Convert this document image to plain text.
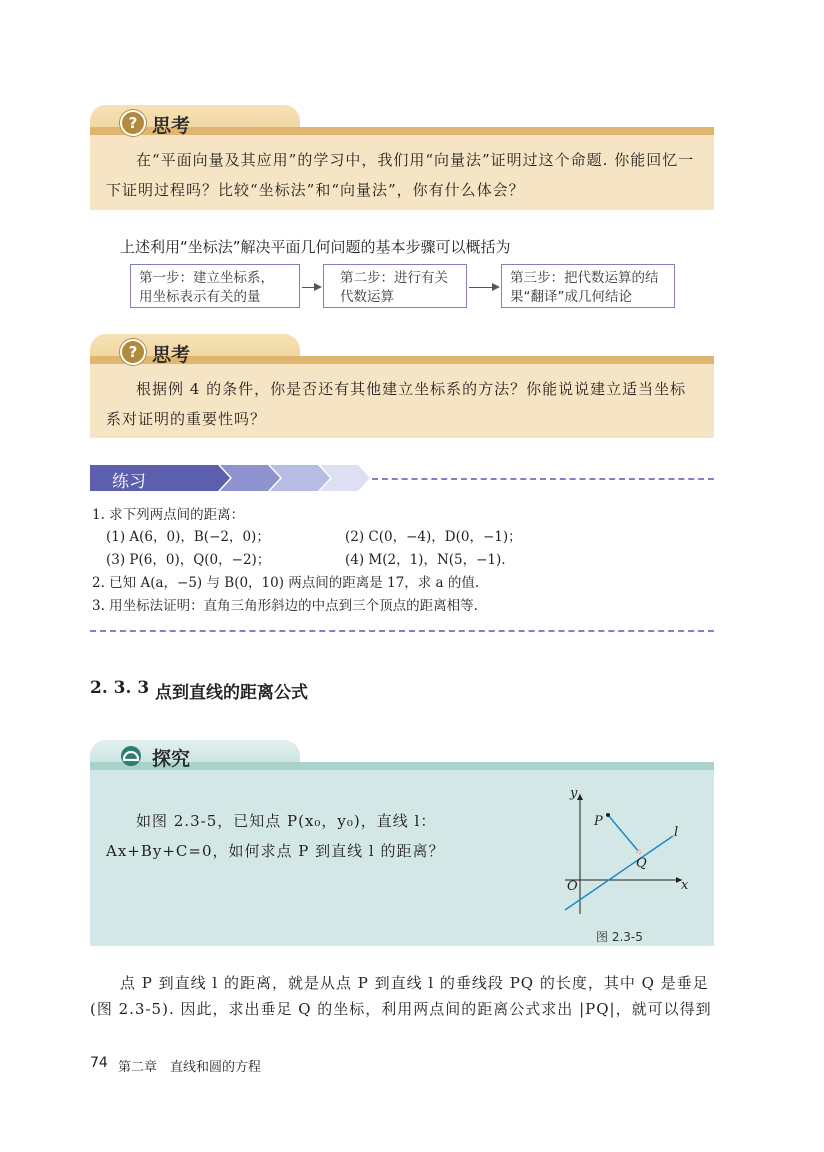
? 思考
在“平面向量及其应用”的学习中，我们用“向量法”证明过这个命题. 你能回忆一下证明过程吗？比较“坐标法”和“向量法”，你有什么体会？
上述利用“坐标法”解决平面几何问题的基本步骤可以概括为
第一步：建立坐标系，
用坐标表示有关的量
第二步：进行有关
代数运算
第三步：把代数运算的结
果“翻译”成几何结论
? 思考
根据例 4 的条件，你是否还有其他建立坐标系的方法？你能说说建立适当坐标系对证明的重要性吗？
练习
1. 求下列两点间的距离：
(1) A(6，0)，B(−2，0)；	(2) C(0，−4)，D(0，−1)；
(3) P(6，0)，Q(0，−2)；	(4) M(2，1)，N(5，−1).
2. 已知 A(a，−5) 与 B(0，10) 两点间的距离是 17，求 a 的值.
3. 用坐标法证明：直角三角形斜边的中点到三个顶点的距离相等.
2. 3. 3 点到直线的距离公式
探究
如图 2.3-5，已知点 P(x₀，y₀)，直线 l：Ax+By+C=0，如何求点 P 到直线 l 的距离？
y
x
O
P
Q
l
图 2.3-5
点 P 到直线 l 的距离，就是从点 P 到直线 l 的垂线段 PQ 的长度，其中 Q 是垂足
(图 2.3-5). 因此，求出垂足 Q 的坐标，利用两点间的距离公式求出 |PQ|，就可以得到
74 第二章 直线和圆的方程
